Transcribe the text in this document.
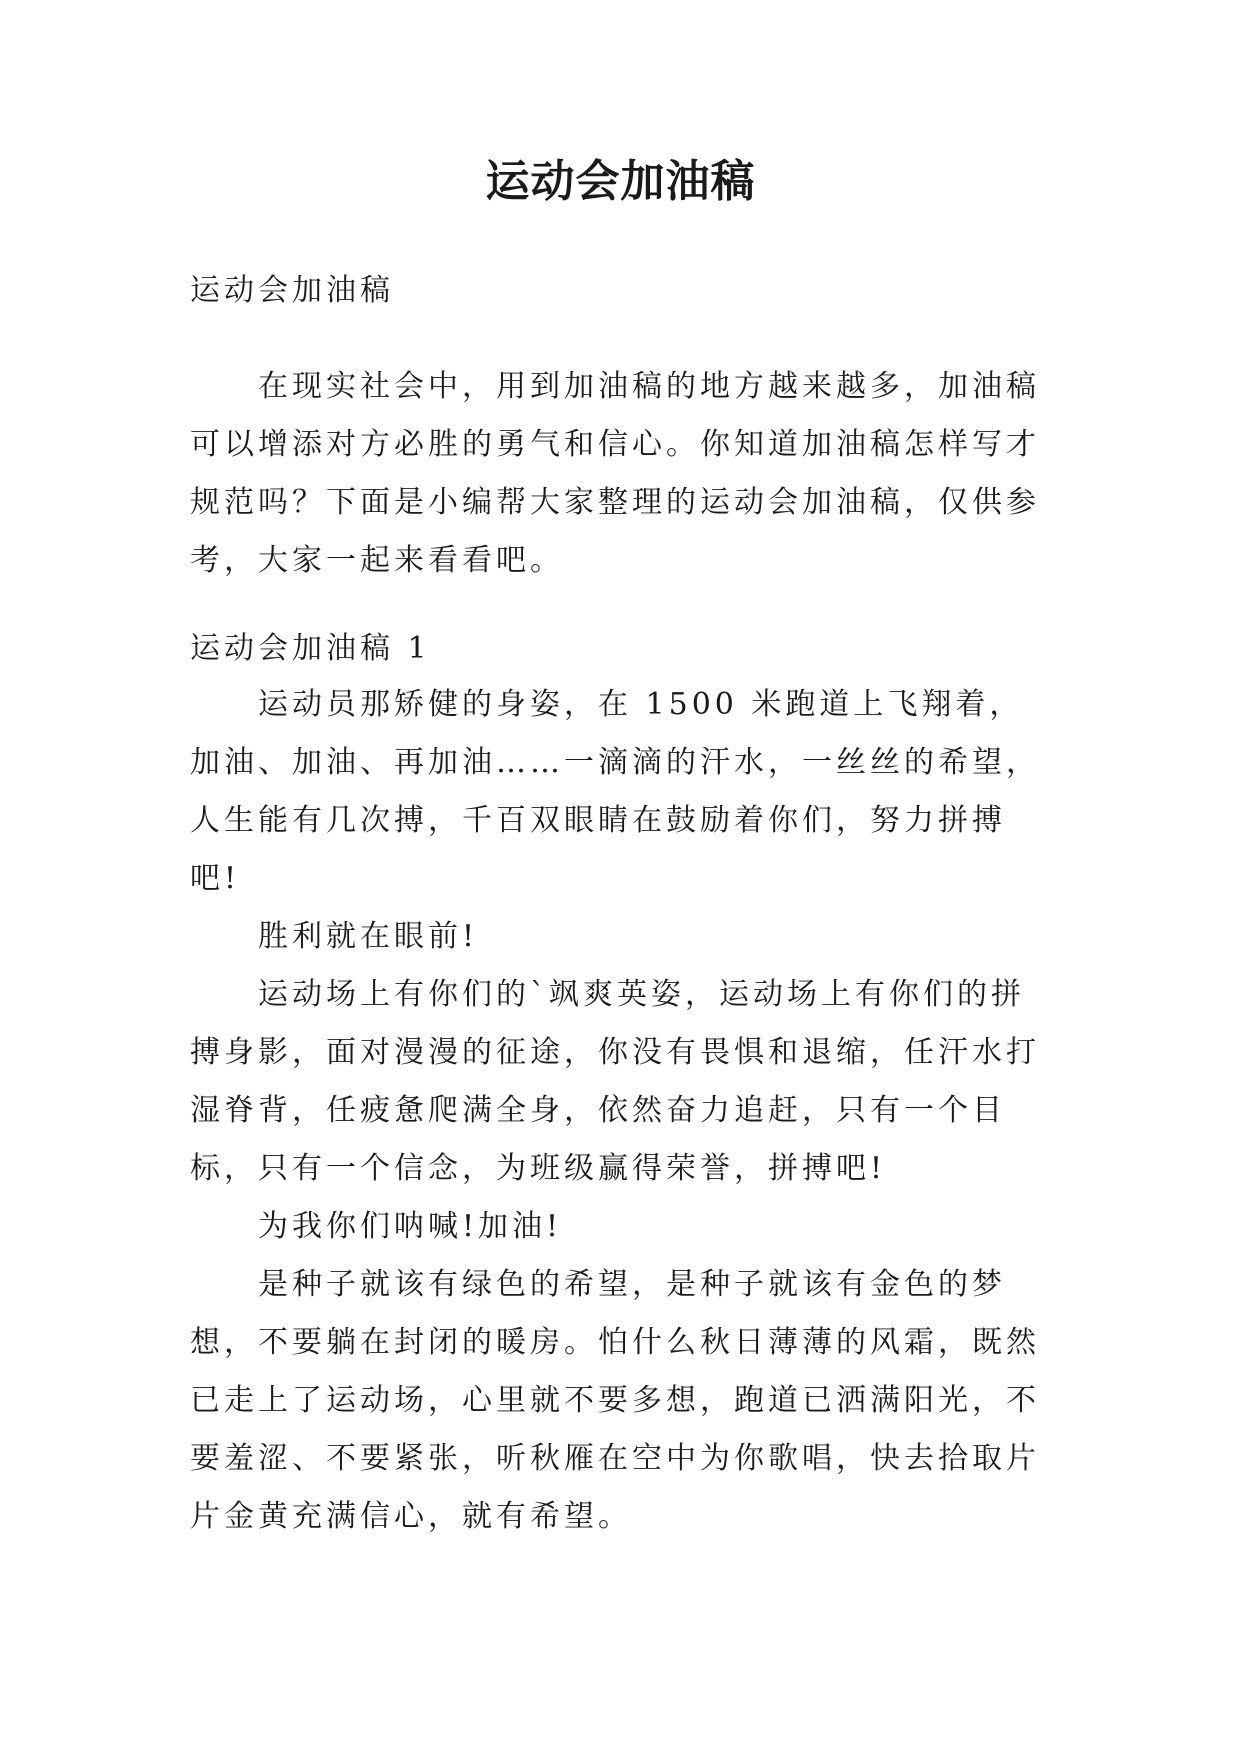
运动会加油稿

运动会加油稿

在现实社会中，用到加油稿的地方越来越多，加油稿可以增添对方必胜的勇气和信心。你知道加油稿怎样写才规范吗？下面是小编帮大家整理的运动会加油稿，仅供参考，大家一起来看看吧。

运动会加油稿 1

运动员那矫健的身姿，在 1500 米跑道上飞翔着，加油、加油、再加油……一滴滴的汗水，一丝丝的希望，人生能有几次搏，千百双眼睛在鼓励着你们，努力拼搏吧!

胜利就在眼前!

运动场上有你们的`飒爽英姿，运动场上有你们的拼搏身影，面对漫漫的征途，你没有畏惧和退缩，任汗水打湿脊背，任疲惫爬满全身，依然奋力追赶，只有一个目标，只有一个信念，为班级赢得荣誉，拼搏吧!

为我你们呐喊!加油!

是种子就该有绿色的希望，是种子就该有金色的梦想，不要躺在封闭的暖房。怕什么秋日薄薄的风霜，既然已走上了运动场，心里就不要多想，跑道已洒满阳光，不要羞涩、不要紧张，听秋雁在空中为你歌唱，快去拾取片片金黄充满信心，就有希望。
